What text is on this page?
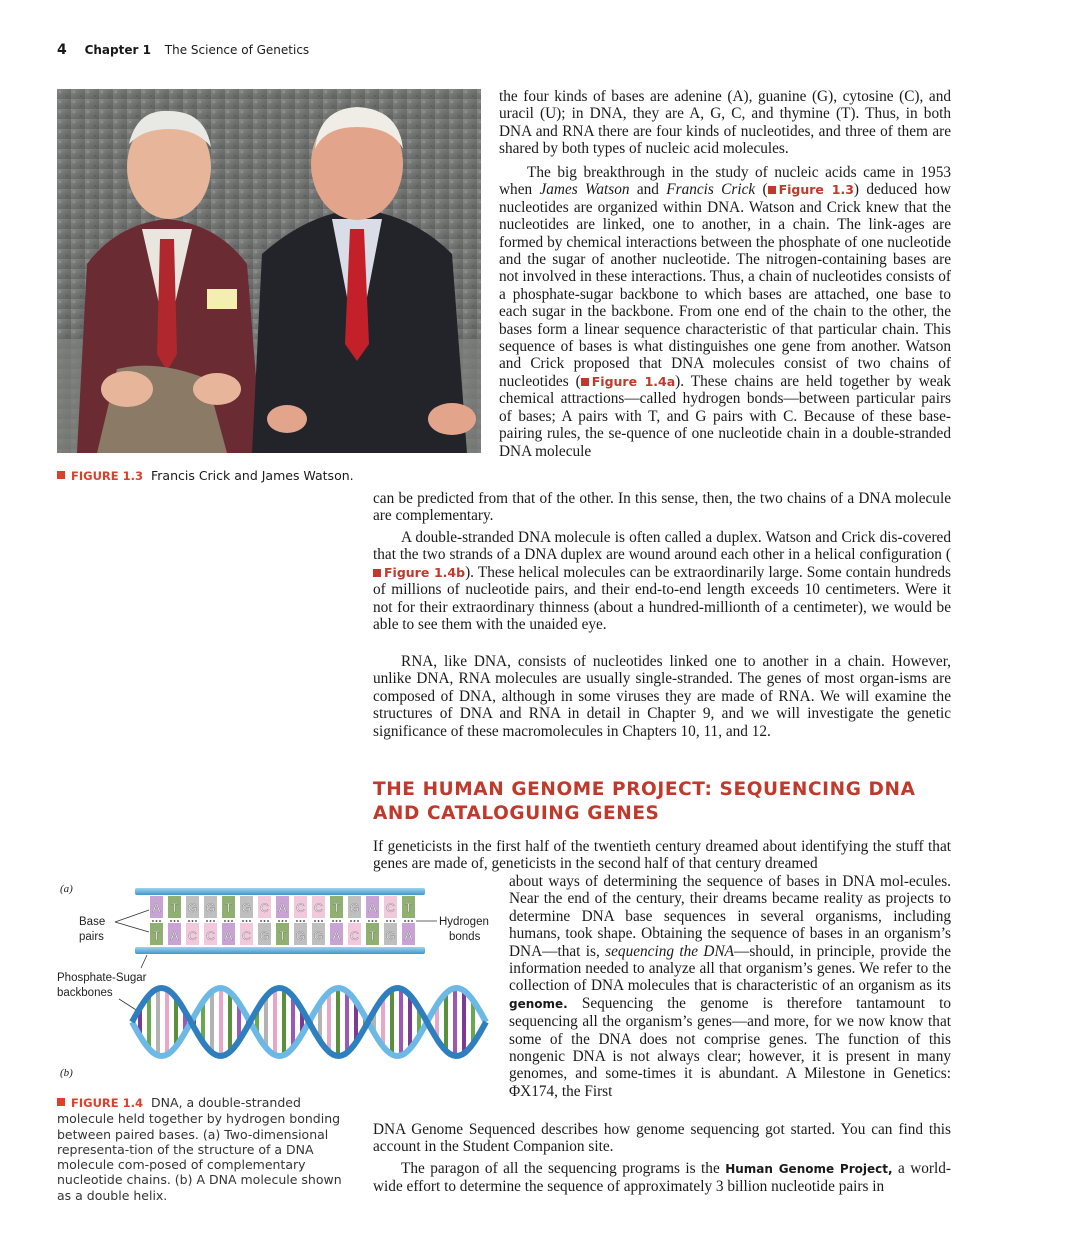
4 Chapter 1 The Science of Genetics
FIGURE 1.3 Francis Crick and James Watson.

the four kinds of bases are adenine (A), guanine (G), cytosine (C), and uracil (U); in DNA, they are A, G, C, and thymine (T). Thus, in both DNA and RNA there are four kinds of nucleotides, and three of them are shared by both types of nucleic acid molecules.

The big breakthrough in the study of nucleic acids came in 1953 when James Watson and Francis Crick ( Figure 1.3) deduced how nucleotides are organized within DNA. Watson and Crick knew that the nucleotides are linked, one to another, in a chain. The link-ages are formed by chemical interactions between the phosphate of one nucleotide and the sugar of another nucleotide. The nitrogen-containing bases are not involved in these interactions. Thus, a chain of nucleotides consists of a phosphate-sugar backbone to which bases are attached, one base to each sugar in the backbone. From one end of the chain to the other, the bases form a linear sequence characteristic of that particular chain. This sequence of bases is what distinguishes one gene from another. Watson and Crick proposed that DNA molecules consist of two chains of nucleotides ( Figure 1.4a). These chains are held together by weak chemical attractions—called hydrogen bonds—between particular pairs of bases; A pairs with T, and G pairs with C. Because of these base-pairing rules, the se-quence of one nucleotide chain in a double-stranded DNA molecule

can be predicted from that of the other. In this sense, then, the two chains of a DNA molecule are complementary.

A double-stranded DNA molecule is often called a duplex. Watson and Crick dis-covered that the two strands of a DNA duplex are wound around each other in a helical configuration (Figure 1.4b). These helical molecules can be extraordinarily large. Some contain hundreds of millions of nucleotide pairs, and their end-to-end length exceeds 10 centimeters. Were it not for their extraordinary thinness (about a hundred-millionth of a centimeter), we would be able to see them with the unaided eye.

RNA, like DNA, consists of nucleotides linked one to another in a chain. However, unlike DNA, RNA molecules are usually single-stranded. The genes of most organ-isms are composed of DNA, although in some viruses they are made of RNA. We will examine the structures of DNA and RNA in detail in Chapter 9, and we will investigate the genetic significance of these macromolecules in Chapters 10, 11, and 12.

THE HUMAN GENOME PROJECT: SEQUENCING DNA
AND CATALOGUING GENES

If geneticists in the first half of the twentieth century dreamed about identifying the stuff that genes are made of, geneticists in the second half of that century dreamed

about ways of determining the sequence of bases in DNA mol-ecules. Near the end of the century, their dreams became reality as projects to determine DNA base sequences in several organisms, including humans, took shape. Obtaining the sequence of bases in an organism’s DNA—that is, sequencing the DNA—should, in principle, provide the information needed to analyze all that organism’s genes. We refer to the collection of DNA molecules that is characteristic of an organism as its genome. Sequencing the genome is therefore tantamount to sequencing all the organism’s genes—and more, for we now know that some of the DNA does not comprise genes. The function of this nongenic DNA is not always clear; however, it is present in many genomes, and some-times it is abundant. A Milestone in Genetics: ΦX174, the First

DNA Genome Sequenced describes how genome sequencing got started. You can find this account in the Student Companion site.

The paragon of all the sequencing programs is the Human Genome Project, a world-wide effort to determine the sequence of approximately 3 billion nucleotide pairs in

(a)
(b)
A
T
T
A
G
C
G
C
T
A
G
C
C
G
A
T
C
G
C
G
T
A
G
C
A
T
C
G
T
A
Base
pairs
Hydrogen
bonds
Phosphate-Sugar
backbones

FIGURE 1.4 DNA, a double-stranded molecule held together by hydrogen bonding between paired bases. (a) Two-dimensional representa-tion of the structure of a DNA molecule com-posed of complementary nucleotide chains. (b) A DNA molecule shown as a double helix.
